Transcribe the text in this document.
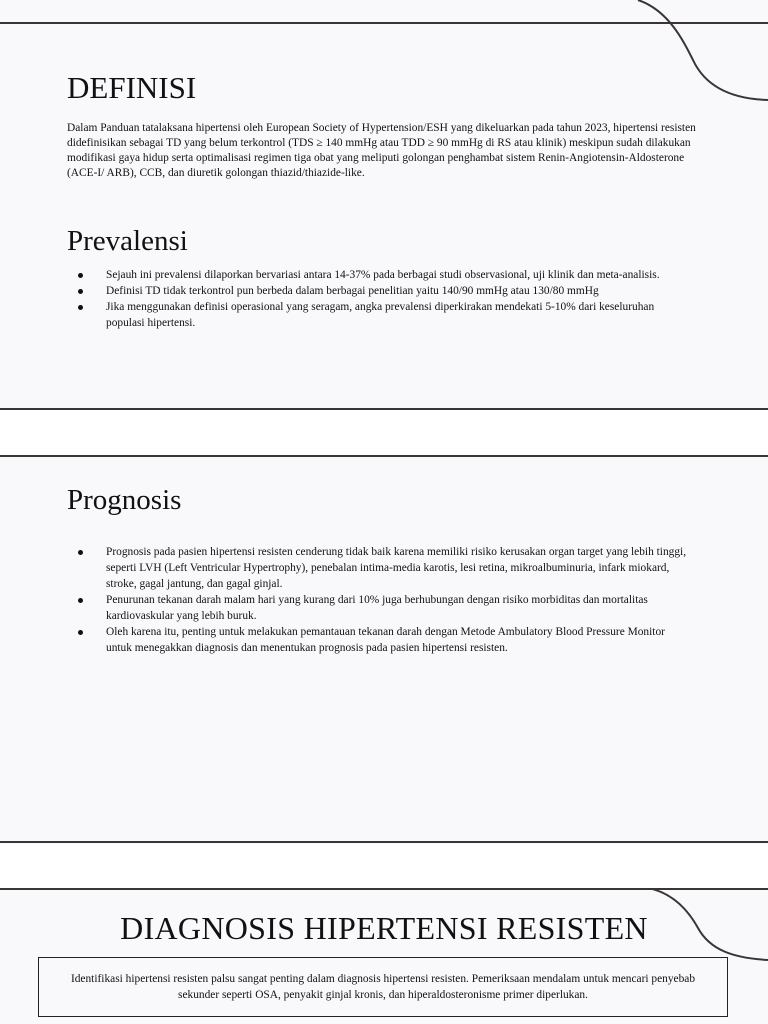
DEFINISI

Dalam Panduan tatalaksana hipertensi oleh European Society of Hypertension/ESH yang dikeluarkan pada tahun 2023, hipertensi resisten didefinisikan sebagai TD yang belum terkontrol (TDS ≥ 140 mmHg atau TDD ≥ 90 mmHg di RS atau klinik) meskipun sudah dilakukan modifikasi gaya hidup serta optimalisasi regimen tiga obat yang meliputi golongan penghambat sistem Renin-Angiotensin-Aldosterone (ACE-I/ ARB), CCB, dan diuretik golongan thiazid/thiazide-like.

Prevalensi
Sejauh ini prevalensi dilaporkan bervariasi antara 14-37% pada berbagai studi observasional, uji klinik dan meta-analisis.
Definisi TD tidak terkontrol pun berbeda dalam berbagai penelitian yaitu 140/90 mmHg atau 130/80 mmHg
Jika menggunakan definisi operasional yang seragam, angka prevalensi diperkirakan mendekati 5-10% dari keseluruhan populasi hipertensi.
Prognosis
Prognosis pada pasien hipertensi resisten cenderung tidak baik karena memiliki risiko kerusakan organ target yang lebih tinggi, seperti LVH (Left Ventricular Hypertrophy), penebalan intima-media karotis, lesi retina, mikroalbuminuria, infark miokard, stroke, gagal jantung, dan gagal ginjal.
Penurunan tekanan darah malam hari yang kurang dari 10% juga berhubungan dengan risiko morbiditas dan mortalitas kardiovaskular yang lebih buruk.
Oleh karena itu, penting untuk melakukan pemantauan tekanan darah dengan Metode Ambulatory Blood Pressure Monitor untuk menegakkan diagnosis dan menentukan prognosis pada pasien hipertensi resisten.
DIAGNOSIS HIPERTENSI RESISTEN
Identifikasi hipertensi resisten palsu sangat penting dalam diagnosis hipertensi resisten. Pemeriksaan mendalam untuk mencari penyebab sekunder seperti OSA, penyakit ginjal kronis, dan hiperaldosteronisme primer diperlukan.
